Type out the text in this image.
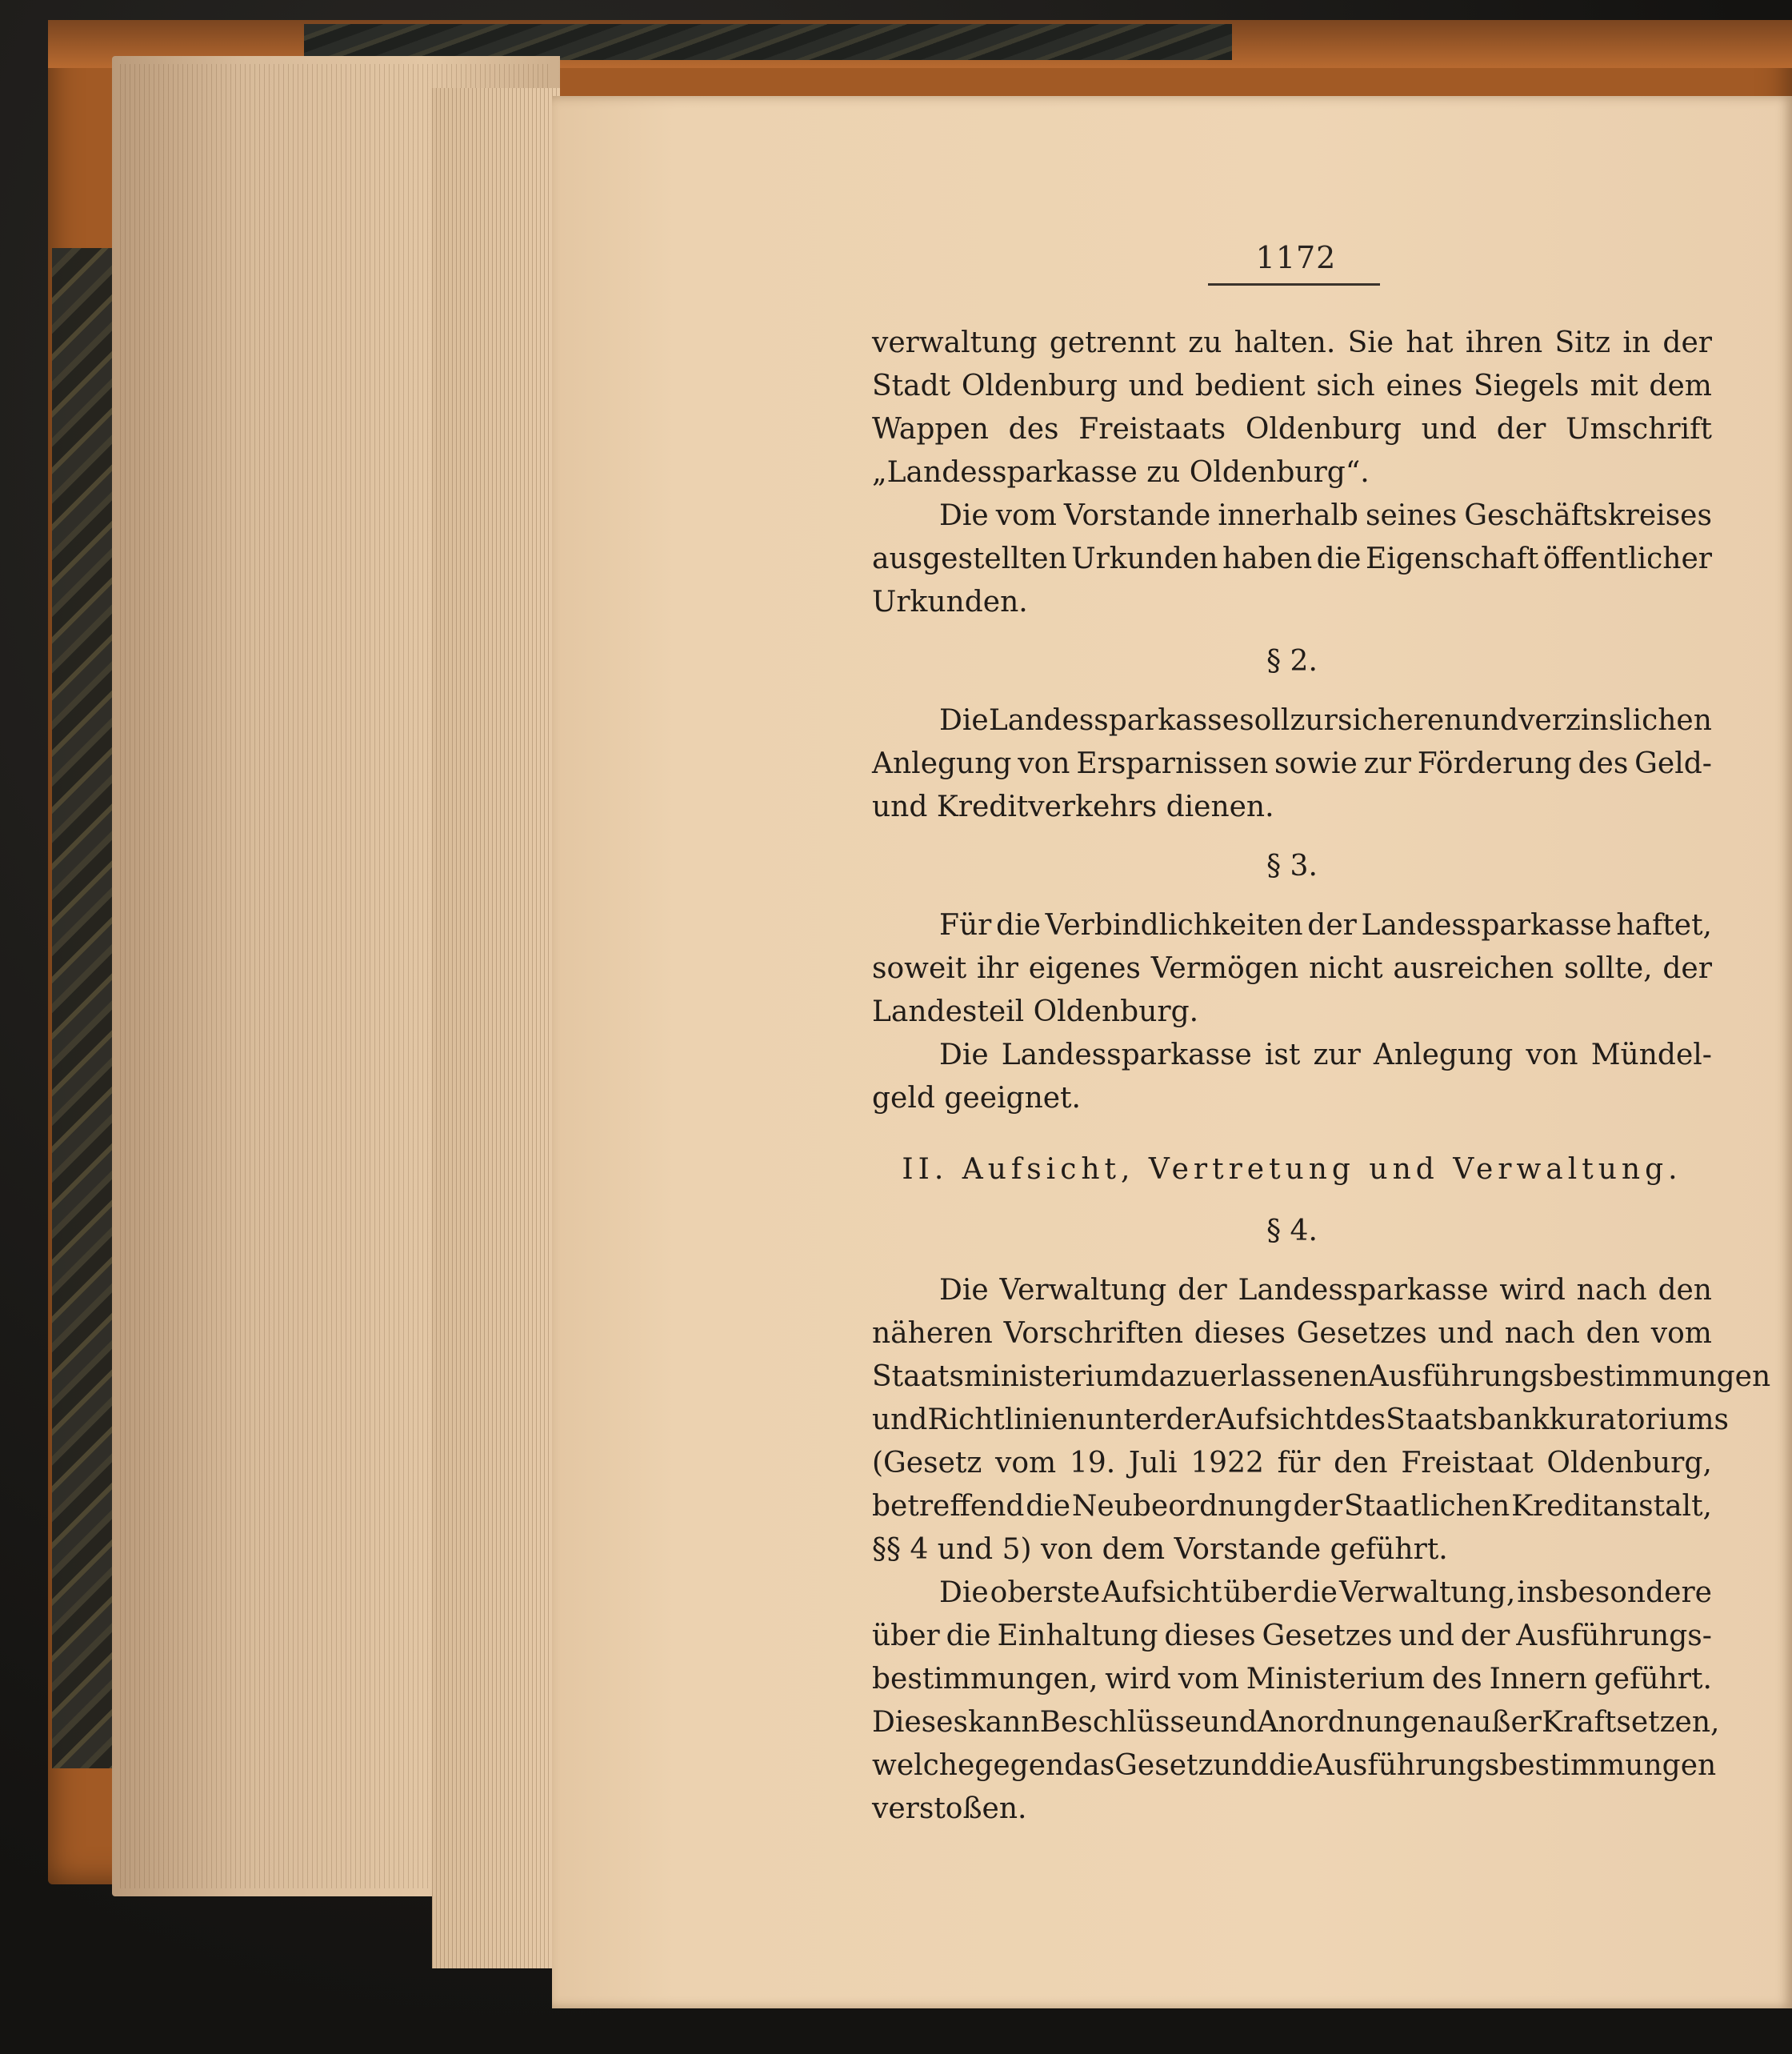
1172
verwaltung getrennt zu halten. Sie hat ihren Sitz in der
Stadt Oldenburg und bedient sich eines Siegels mit dem
Wappen des Freistaats Oldenburg und der Umschrift
„Landessparkasse zu Oldenburg“.
Die vom Vorstande innerhalb seines Geschäftskreises
ausgestellten Urkunden haben die Eigenschaft öffentlicher
Urkunden.
§ 2.
Die Landessparkasse soll zur sicheren und verzinslichen
Anlegung von Ersparnissen sowie zur Förderung des Geld-
und Kreditverkehrs dienen.
§ 3.
Für die Verbindlichkeiten der Landessparkasse haftet,
soweit ihr eigenes Vermögen nicht ausreichen sollte, der
Landesteil Oldenburg.
Die Landessparkasse ist zur Anlegung von Mündel-
geld geeignet.
II. Aufsicht, Vertretung und Verwaltung.
§ 4.
Die Verwaltung der Landessparkasse wird nach den
näheren Vorschriften dieses Gesetzes und nach den vom
Staatsministerium dazu erlassenen Ausführungsbestimmungen
und Richtlinien unter der Aufsicht des Staatsbankkuratoriums
(Gesetz vom 19. Juli 1922 für den Freistaat Oldenburg,
betreffend die Neubeordnung der Staatlichen Kreditanstalt,
§§ 4 und 5) von dem Vorstande geführt.
Die oberste Aufsicht über die Verwaltung, insbesondere
über die Einhaltung dieses Gesetzes und der Ausführungs-
bestimmungen, wird vom Ministerium des Innern geführt.
Dieses kann Beschlüsse und Anordnungen außer Kraft setzen,
welche gegen das Gesetz und die Ausführungsbestimmungen
verstoßen.
